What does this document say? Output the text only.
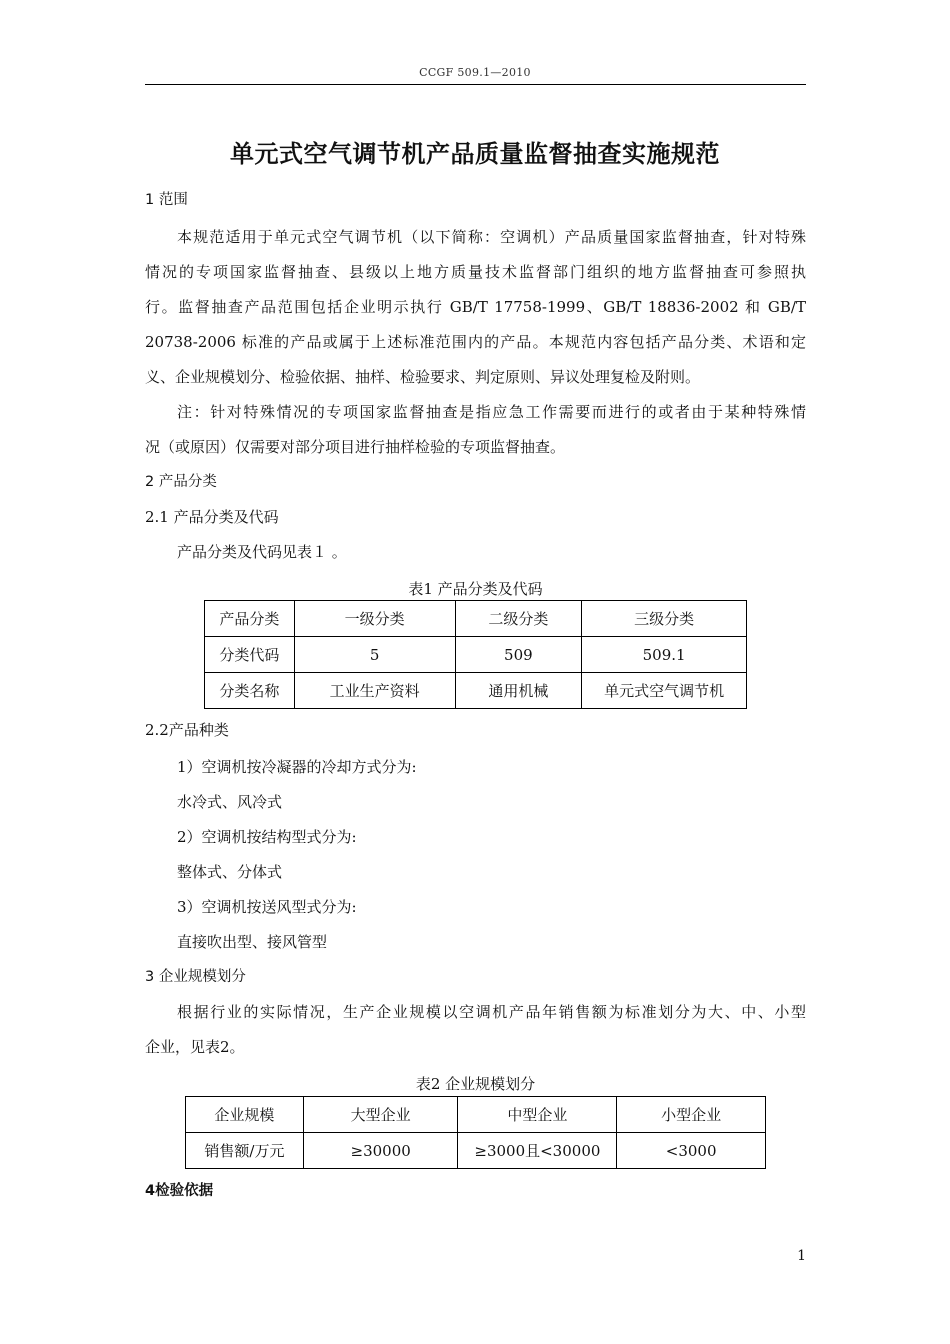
CCGF 509.1—2010
单元式空气调节机产品质量监督抽查实施规范
1 范围
本规范适用于单元式空气调节机（以下简称：空调机）产品质量国家监督抽查，针对特殊
情况的专项国家监督抽查、县级以上地方质量技术监督部门组织的地方监督抽查可参照执
行。监督抽查产品范围包括企业明示执行 GB/T 17758-1999、GB/T 18836-2002 和 GB/T
20738-2006 标准的产品或属于上述标准范围内的产品。本规范内容包括产品分类、术语和定
义、企业规模划分、检验依据、抽样、检验要求、判定原则、异议处理复检及附则。
注：针对特殊情况的专项国家监督抽查是指应急工作需要而进行的或者由于某种特殊情
况（或原因）仅需要对部分项目进行抽样检验的专项监督抽查。
2 产品分类
2.1 产品分类及代码
产品分类及代码见表１ 。
表1 产品分类及代码
产品分类	一级分类	二级分类	三级分类
分类代码	5	509	509.1
分类名称	工业生产资料	通用机械	单元式空气调节机
2.2产品种类
1）空调机按冷凝器的冷却方式分为:
水冷式、风冷式
2）空调机按结构型式分为:
整体式、分体式
3）空调机按送风型式分为:
直接吹出型、接风管型
3 企业规模划分
根据行业的实际情况，生产企业规模以空调机产品年销售额为标准划分为大、中、小型
企业，见表2。
表2 企业规模划分
企业规模	大型企业	中型企业	小型企业
销售额/万元	≥30000	≥3000且<30000	<3000
4检验依据
1
